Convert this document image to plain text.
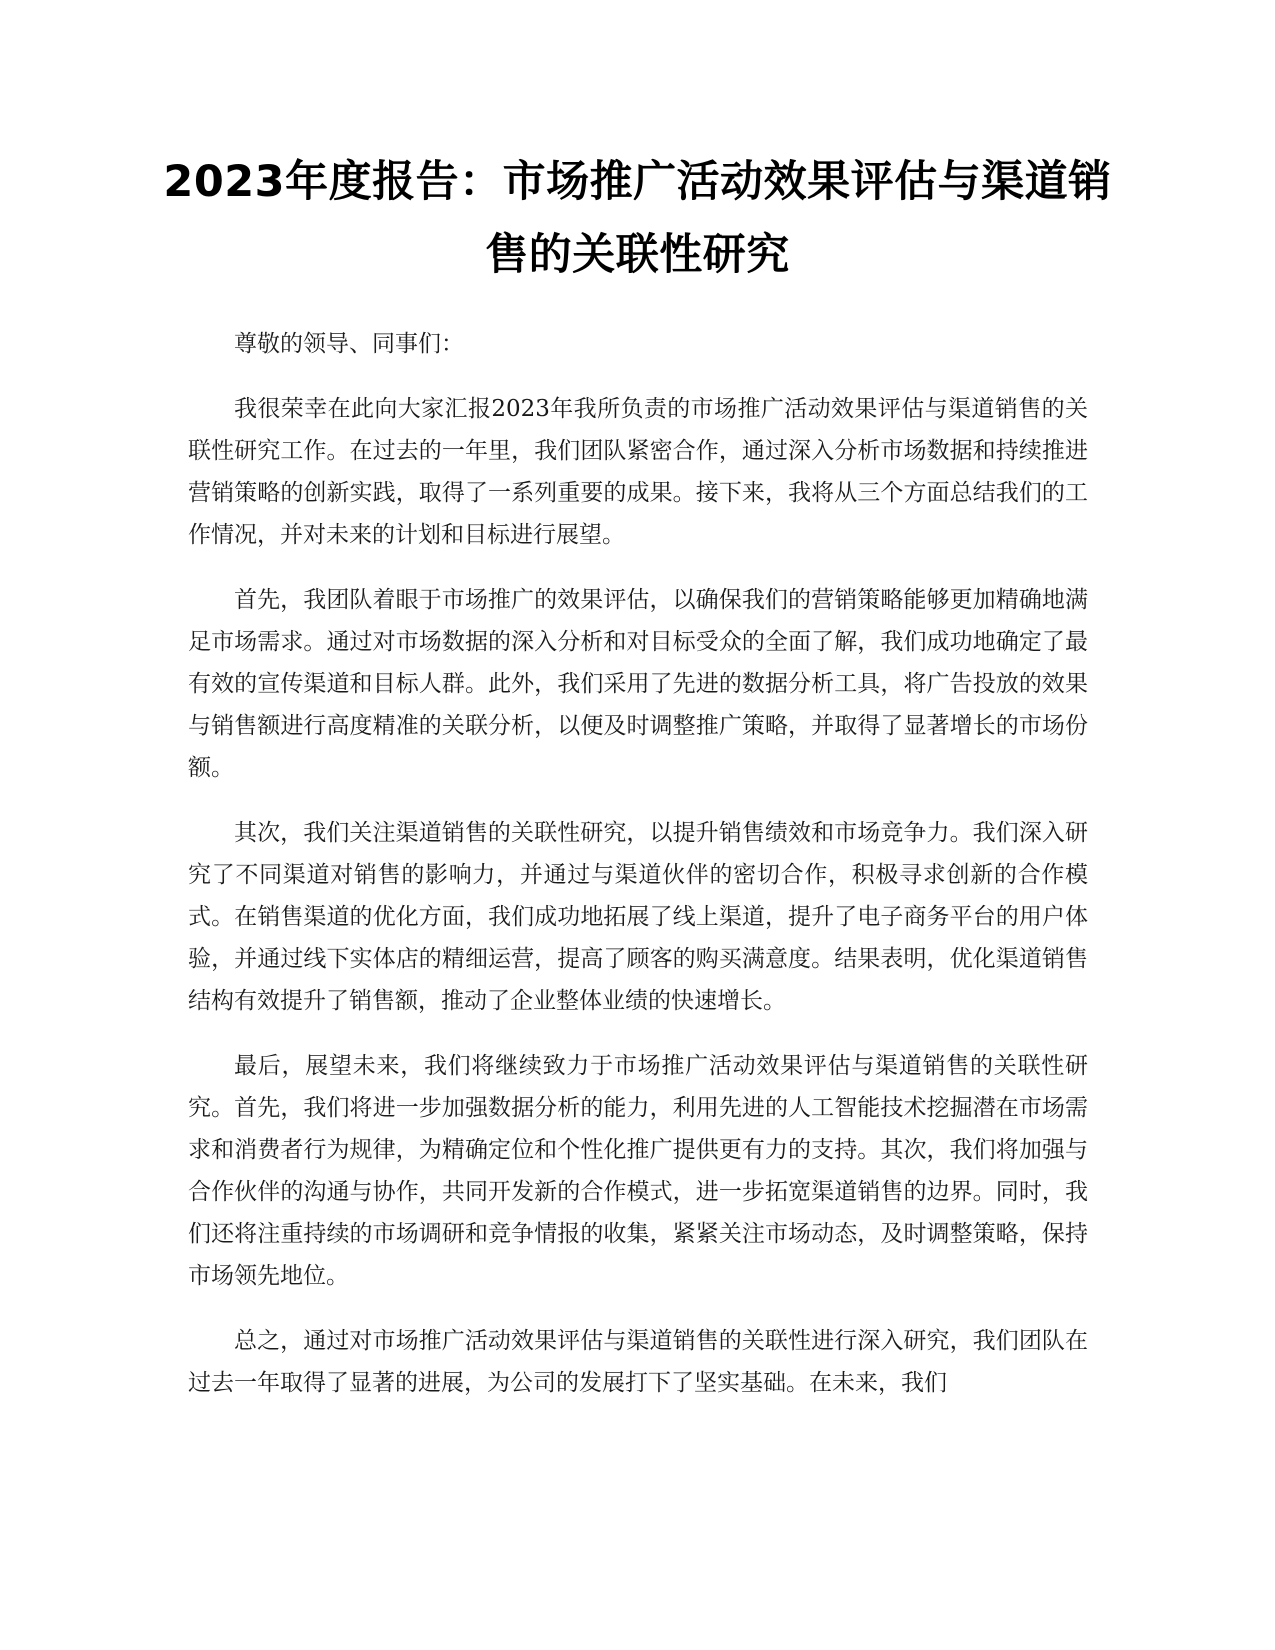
2023年度报告：市场推广活动效果评估与渠道销售的关联性研究

尊敬的领导、同事们：

我很荣幸在此向大家汇报2023年我所负责的市场推广活动效果评估与渠道销售的关联性研究工作。在过去的一年里，我们团队紧密合作，通过深入分析市场数据和持续推进营销策略的创新实践，取得了一系列重要的成果。接下来，我将从三个方面总结我们的工作情况，并对未来的计划和目标进行展望。

首先，我团队着眼于市场推广的效果评估，以确保我们的营销策略能够更加精确地满足市场需求。通过对市场数据的深入分析和对目标受众的全面了解，我们成功地确定了最有效的宣传渠道和目标人群。此外，我们采用了先进的数据分析工具，将广告投放的效果与销售额进行高度精准的关联分析，以便及时调整推广策略，并取得了显著增长的市场份额。

其次，我们关注渠道销售的关联性研究，以提升销售绩效和市场竞争力。我们深入研究了不同渠道对销售的影响力，并通过与渠道伙伴的密切合作，积极寻求创新的合作模式。在销售渠道的优化方面，我们成功地拓展了线上渠道，提升了电子商务平台的用户体验，并通过线下实体店的精细运营，提高了顾客的购买满意度。结果表明，优化渠道销售结构有效提升了销售额，推动了企业整体业绩的快速增长。

最后，展望未来，我们将继续致力于市场推广活动效果评估与渠道销售的关联性研究。首先，我们将进一步加强数据分析的能力，利用先进的人工智能技术挖掘潜在市场需求和消费者行为规律，为精确定位和个性化推广提供更有力的支持。其次，我们将加强与合作伙伴的沟通与协作，共同开发新的合作模式，进一步拓宽渠道销售的边界。同时，我们还将注重持续的市场调研和竞争情报的收集，紧紧关注市场动态，及时调整策略，保持市场领先地位。

总之，通过对市场推广活动效果评估与渠道销售的关联性进行深入研究，我们团队在过去一年取得了显著的进展，为公司的发展打下了坚实基础。在未来，我们
